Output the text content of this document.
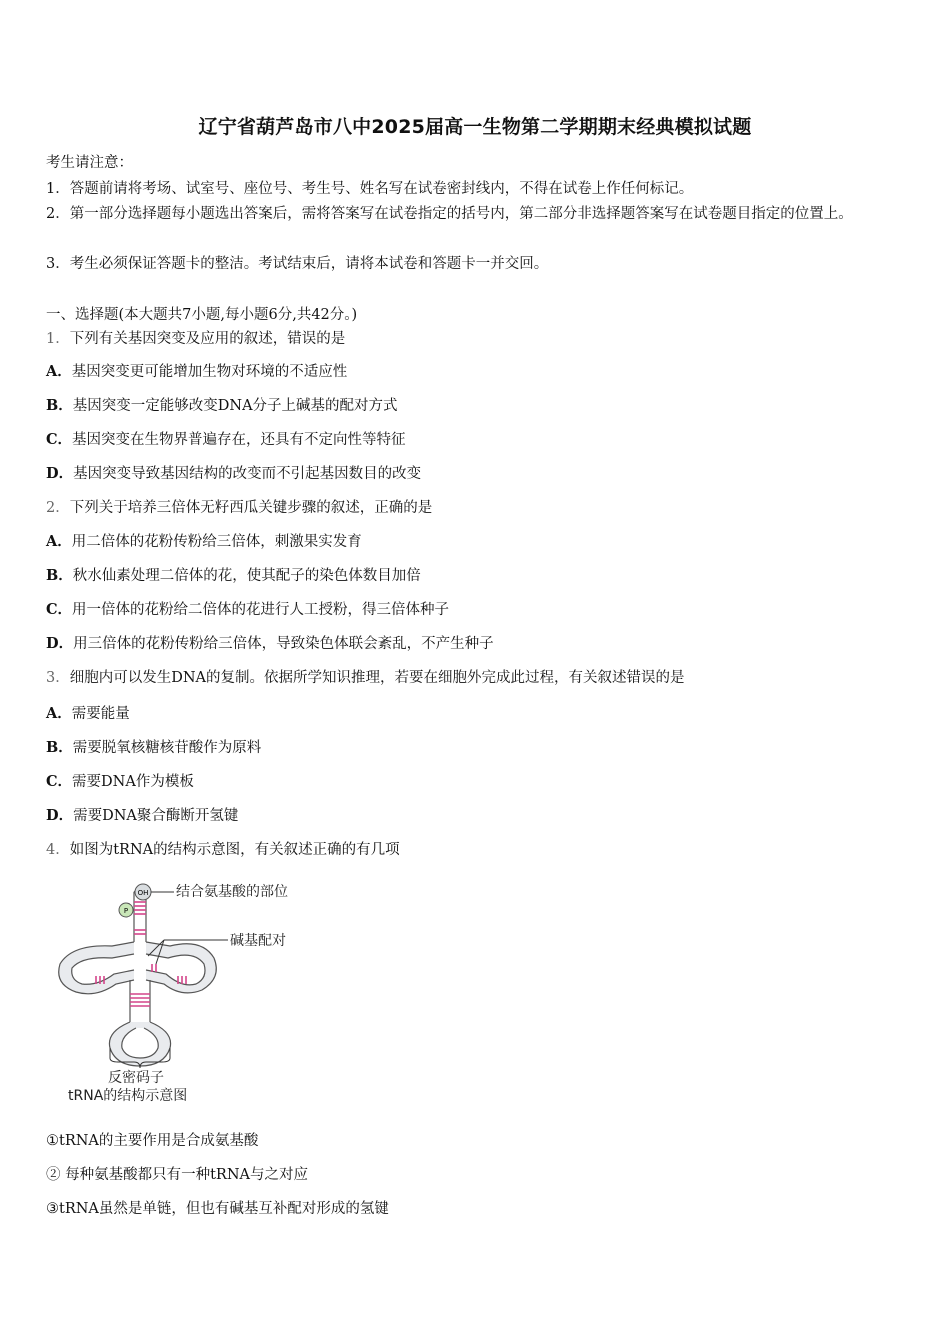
辽宁省葫芦岛市八中2025届高一生物第二学期期末经典模拟试题
考生请注意：
1．答题前请将考场、试室号、座位号、考生号、姓名写在试卷密封线内，不得在试卷上作任何标记。
2．第一部分选择题每小题选出答案后，需将答案写在试卷指定的括号内，第二部分非选择题答案写在试卷题目指定的位置上。
3．考生必须保证答题卡的整洁。考试结束后，请将本试卷和答题卡一并交回。
一、选择题(本大题共7小题,每小题6分,共42分。)
1．下列有关基因突变及应用的叙述，错误的是
A．基因突变更可能增加生物对环境的不适应性
B．基因突变一定能够改变DNA分子上碱基的配对方式
C．基因突变在生物界普遍存在，还具有不定向性等特征
D．基因突变导致基因结构的改变而不引起基因数目的改变
2．下列关于培养三倍体无籽西瓜关键步骤的叙述，正确的是
A．用二倍体的花粉传粉给三倍体，刺激果实发育
B．秋水仙素处理二倍体的花，使其配子的染色体数目加倍
C．用一倍体的花粉给二倍体的花进行人工授粉，得三倍体种子
D．用三倍体的花粉传粉给三倍体，导致染色体联会紊乱，不产生种子
3．细胞内可以发生DNA的复制。依据所学知识推理，若要在细胞外完成此过程，有关叙述错误的是
A．需要能量
B．需要脱氧核糖核苷酸作为原料
C．需要DNA作为模板
D．需要DNA聚合酶断开氢键
4．如图为tRNA的结构示意图，有关叙述正确的有几项
OH
P
结合氨基酸的部位
碱基配对
反密码子
tRNA的结构示意图
①tRNA的主要作用是合成氨基酸
② 每种氨基酸都只有一种tRNA与之对应
③tRNA虽然是单链，但也有碱基互补配对形成的氢键
